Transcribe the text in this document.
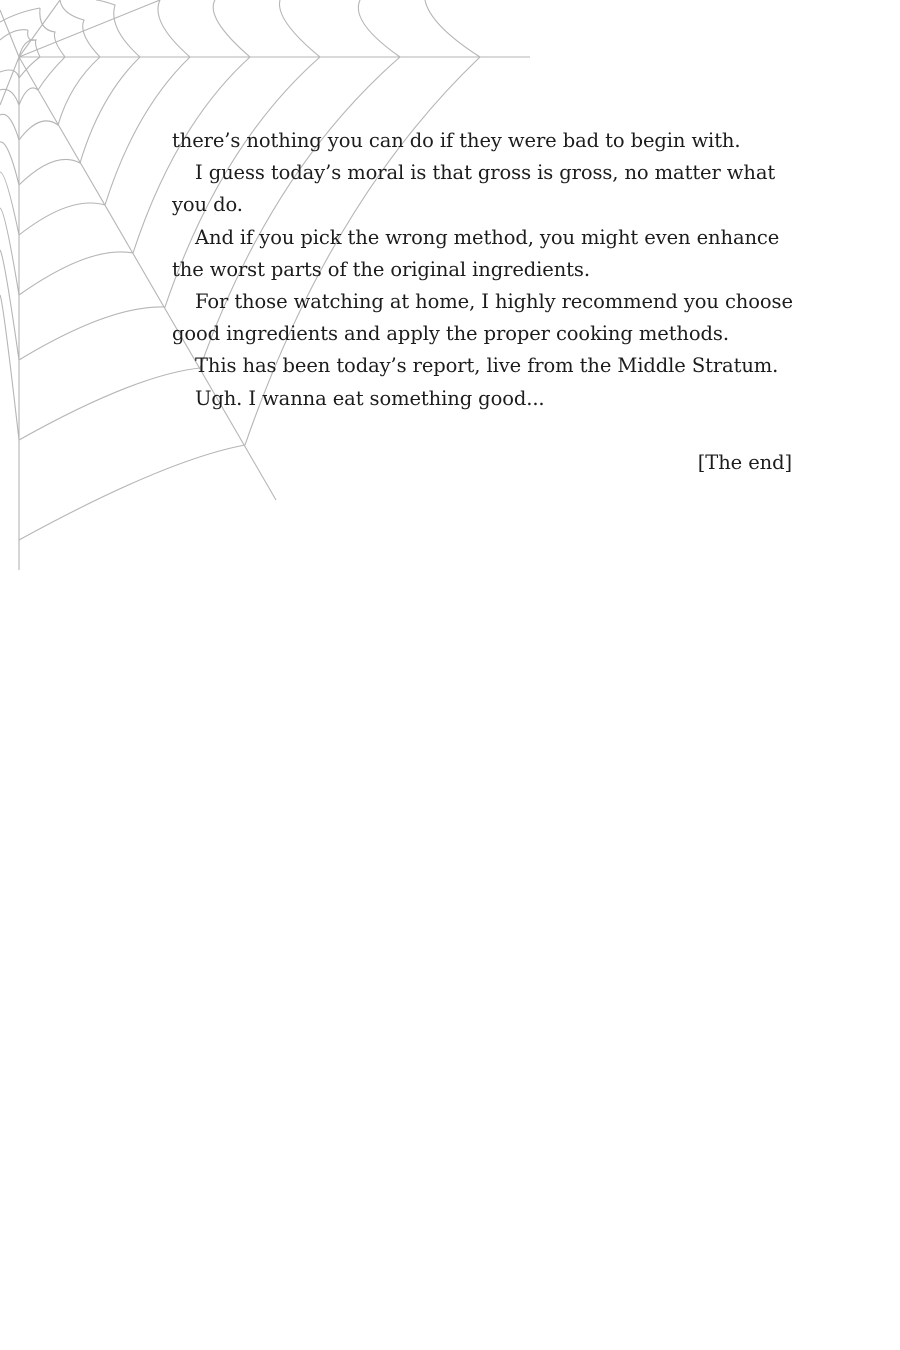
there’s nothing you can do if they were bad to begin with.

I guess today’s moral is that gross is gross, no matter what you do.

And if you pick the wrong method, you might even enhance the worst parts of the original ingredients.

For those watching at home, I highly recommend you choose good ingredients and apply the proper cooking methods.

This has been today’s report, live from the Middle Stratum.

Ugh. I wanna eat something good...

[The end]
